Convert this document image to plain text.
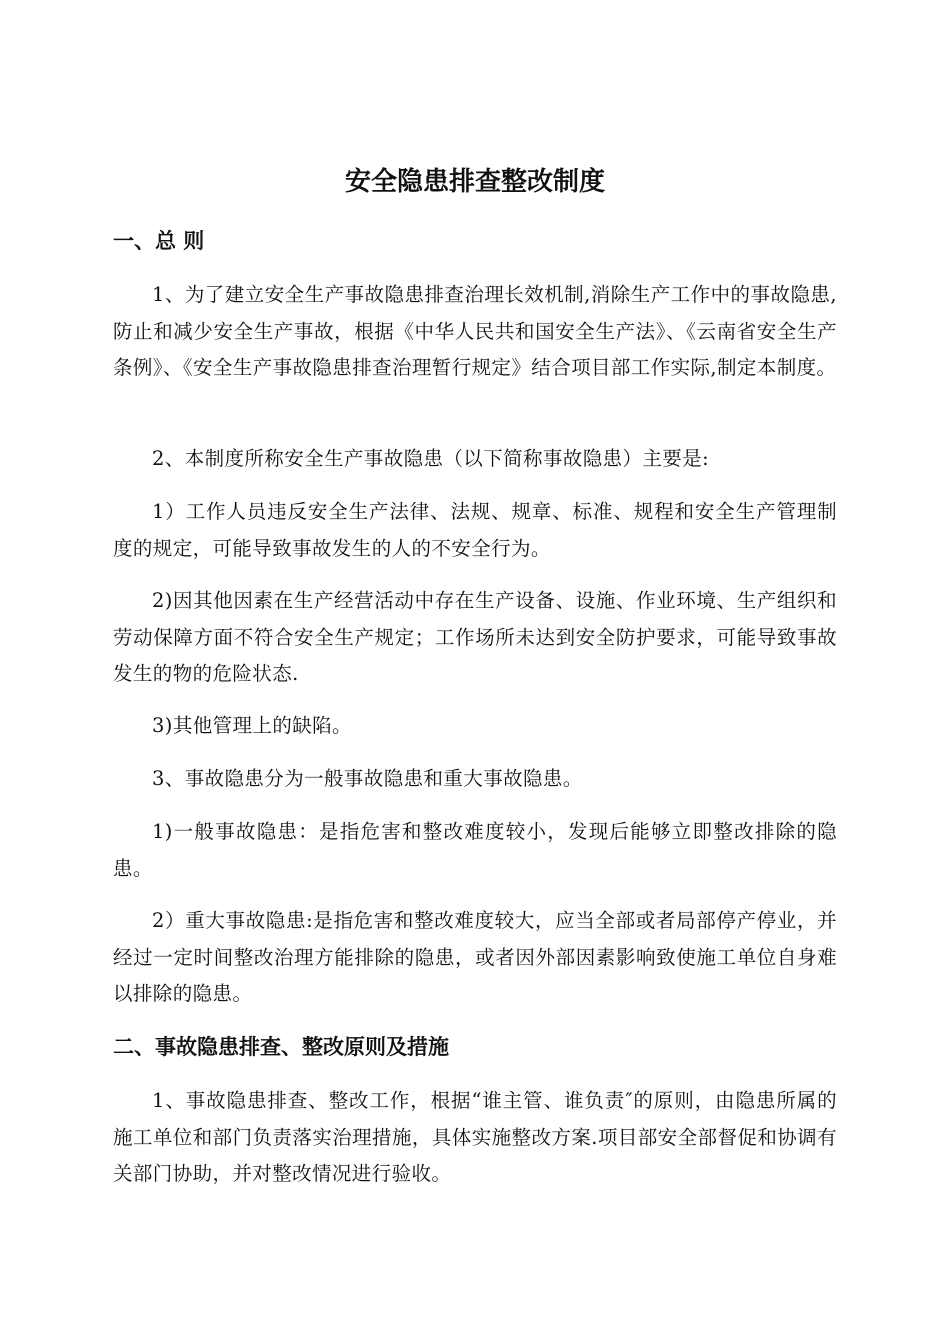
安全隐患排查整改制度
一、总 则

1、为了建立安全生产事故隐患排查治理长效机制,消除生产工作中的事故隐患,防止和减少安全生产事故，根据《中华人民共和国安全生产法》、《云南省安全生产条例》、《安全生产事故隐患排查治理暂行规定》结合项目部工作实际,制定本制度。

2、本制度所称安全生产事故隐患（以下简称事故隐患）主要是:

1）工作人员违反安全生产法律、法规、规章、标准、规程和安全生产管理制度的规定，可能导致事故发生的人的不安全行为。

2)因其他因素在生产经营活动中存在生产设备、设施、作业环境、生产组织和劳动保障方面不符合安全生产规定；工作场所未达到安全防护要求，可能导致事故发生的物的危险状态.

3)其他管理上的缺陷。

3、事故隐患分为一般事故隐患和重大事故隐患。

1)一般事故隐患：是指危害和整改难度较小，发现后能够立即整改排除的隐患。

2）重大事故隐患:是指危害和整改难度较大，应当全部或者局部停产停业，并经过一定时间整改治理方能排除的隐患，或者因外部因素影响致使施工单位自身难以排除的隐患。

二、事故隐患排查、整改原则及措施

1、事故隐患排查、整改工作，根据“谁主管、谁负责″的原则，由隐患所属的施工单位和部门负责落实治理措施，具体实施整改方案.项目部安全部督促和协调有关部门协助，并对整改情况进行验收。
